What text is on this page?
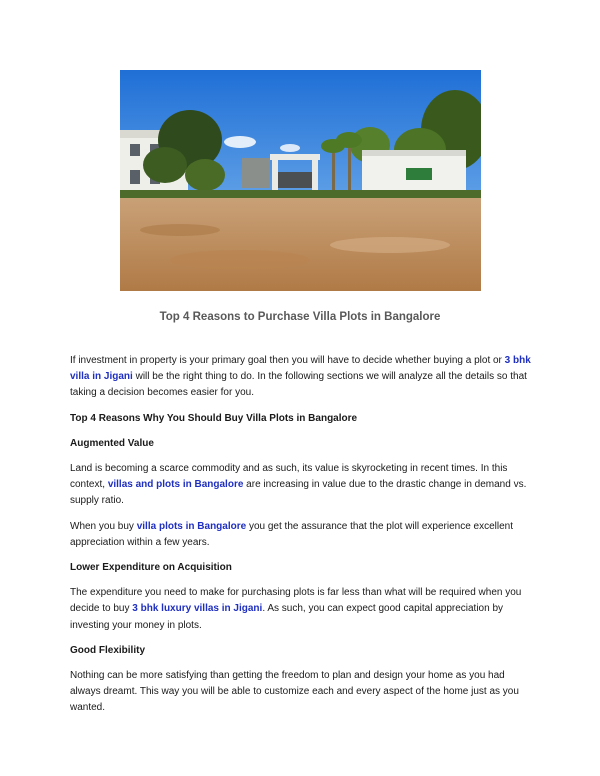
Top 4 Reasons to Purchase Villa Plots in Bangalore

If investment in property is your primary goal then you will have to decide whether buying a plot or 3 bhk villa in Jigani will be the right thing to do. In the following sections we will analyze all the details so that taking a decision becomes easier for you.

Top 4 Reasons Why You Should Buy Villa Plots in Bangalore
Augmented Value

Land is becoming a scarce commodity and as such, its value is skyrocketing in recent times. In this context, villas and plots in Bangalore are increasing in value due to the drastic change in demand vs. supply ratio.

When you buy villa plots in Bangalore you get the assurance that the plot will experience excellent appreciation within a few years.

Lower Expenditure on Acquisition

The expenditure you need to make for purchasing plots is far less than what will be required when you decide to buy 3 bhk luxury villas in Jigani. As such, you can expect good capital appreciation by investing your money in plots.

Good Flexibility

Nothing can be more satisfying than getting the freedom to plan and design your home as you had always dreamt. This way you will be able to customize each and every aspect of the home just as you wanted.
